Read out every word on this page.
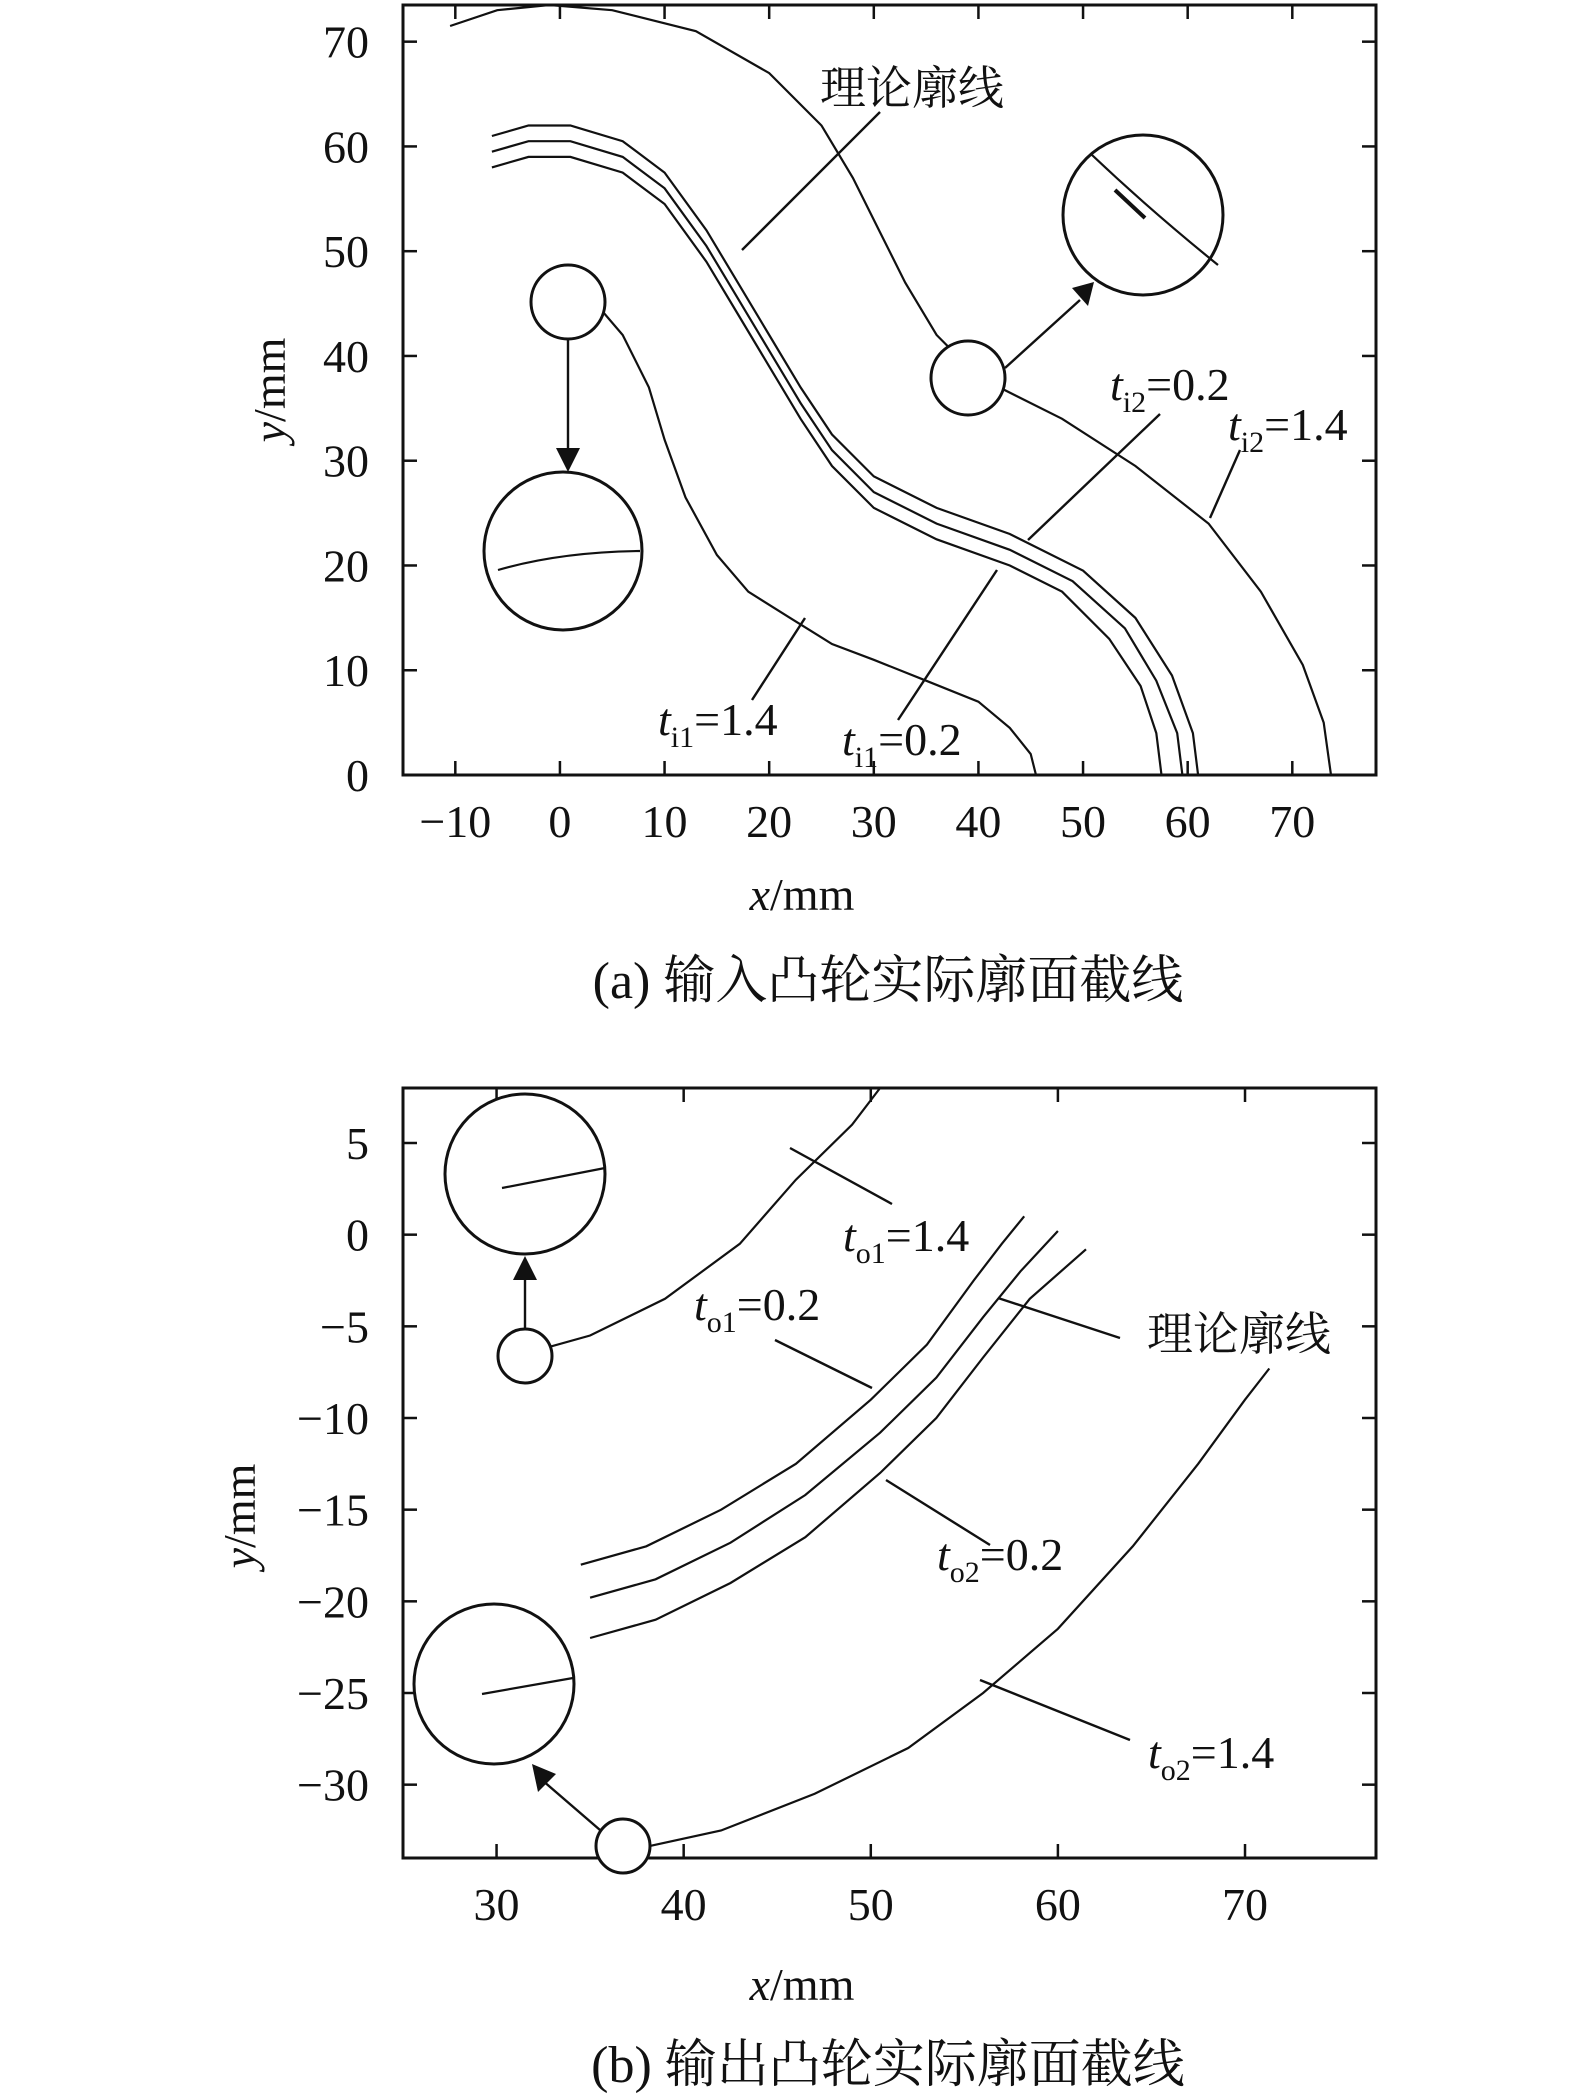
−10 0 10 20 30 40 50 60 70
0
10
20
30
40
50
60
70
理论廓线
$t_{i2}=0.2$
$t_{i2}=1.4$
$t_{i1}=1.4$ $t_{i1}=0.2$
x/mm
y/mm
(a) 输入凸轮实际廓面截线
30	40	50	60	70
5
0
−5
−10
−15
−20
−25
−30
$t_{o1}=1.4$
$t_{o1}=0.2$
理论廓线
$t_{o2}=0.2$
$t_{o2}=1.4$
x/mm
y/mm
(b) 输出凸轮实际廓面截线
